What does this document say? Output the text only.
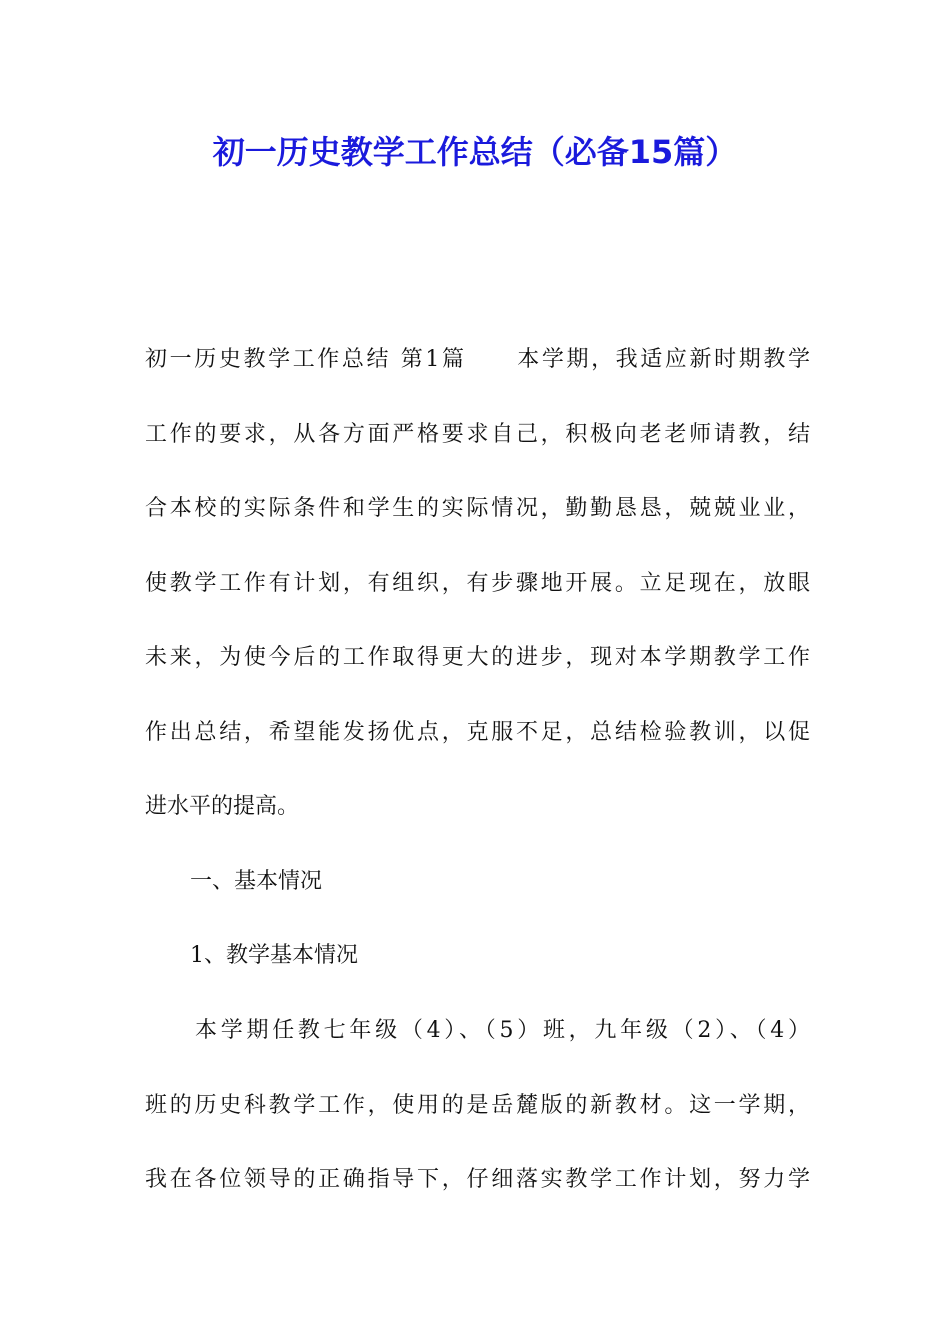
初一历史教学工作总结（必备15篇）
初一历史教学工作总结 第1篇 本学期，我适应新时期教学
工作的要求，从各方面严格要求自己，积极向老老师请教，结
合本校的实际条件和学生的实际情况，勤勤恳恳，兢兢业业，
使教学工作有计划，有组织，有步骤地开展。立足现在，放眼
未来，为使今后的工作取得更大的进步，现对本学期教学工作
作出总结，希望能发扬优点，克服不足，总结检验教训，以促
进水平的提高。

一、基本情况

1、教学基本情况

本学期任教七年级（4）、（5）班，九年级（2）、（4）
班的历史科教学工作，使用的是岳麓版的新教材。这一学期，
我在各位领导的正确指导下，仔细落实教学工作计划，努力学
